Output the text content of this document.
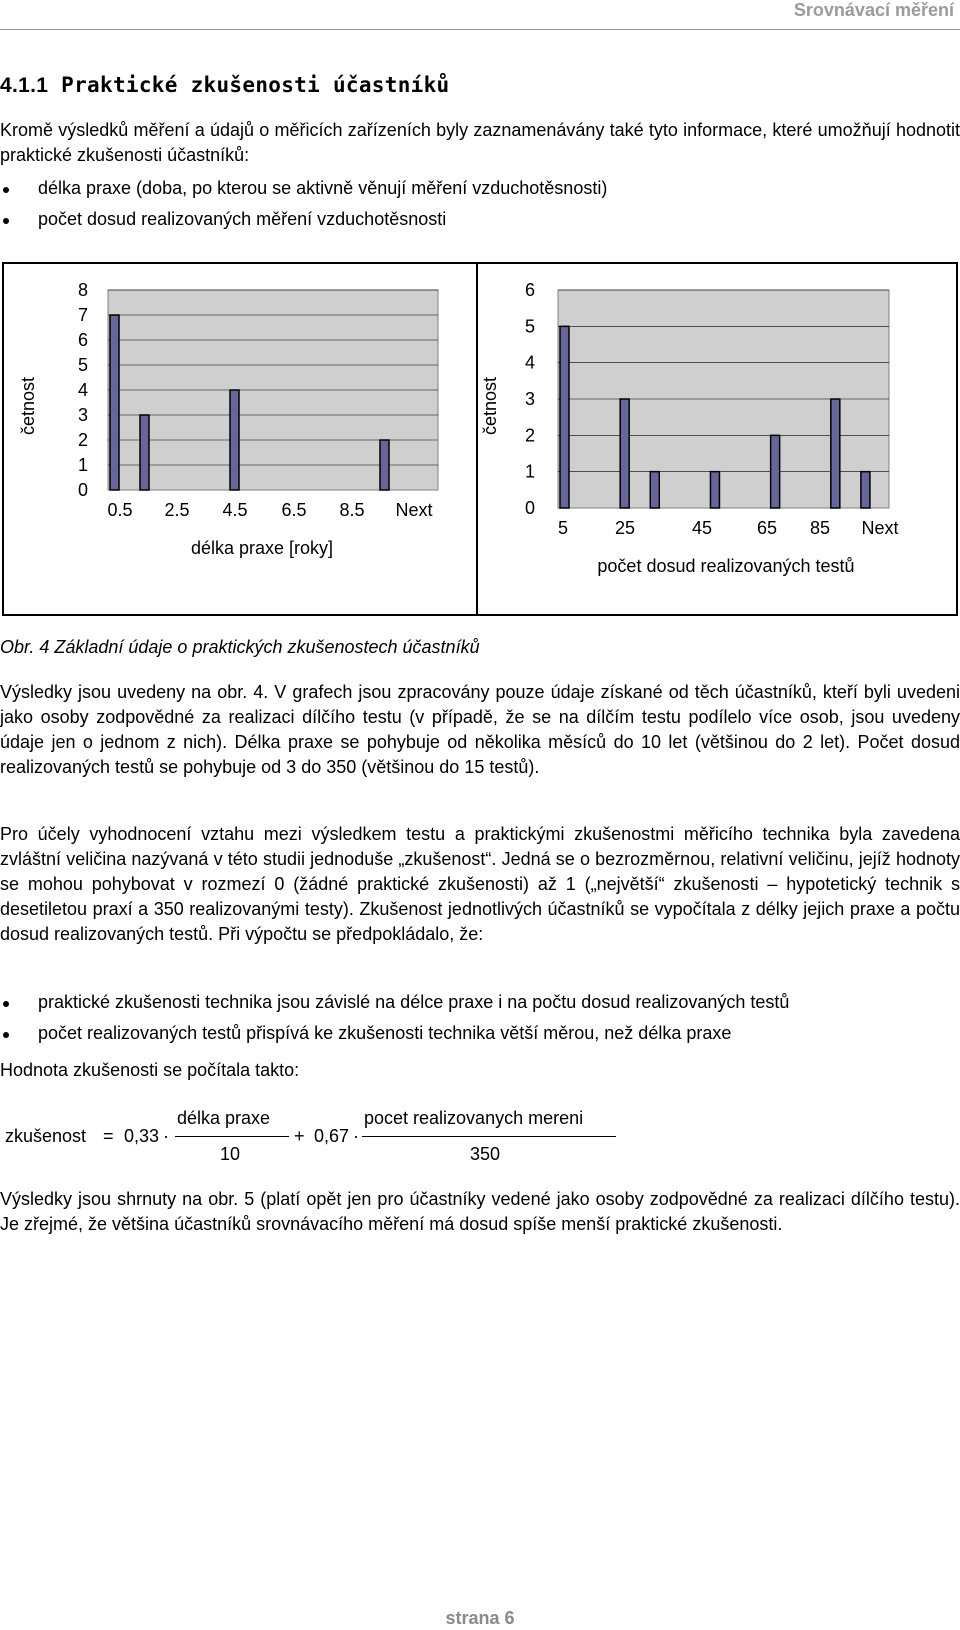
Srovnávací měření
4.1.1 Praktické zkušenosti účastníků

Kromě výsledků měření a údajů o měřicích zařízeních byly zaznamenávány také tyto informace, které umožňují hodnotit praktické zkušenosti účastníků:

délka praxe (doba, po kterou se aktivně věnují měření vzduchotěsnosti)
počet dosud realizovaných měření vzduchotěsnosti
8
7
6
5
4
3
2
1
0
0.5 2.5 4.5 6.5 8.5 Next
délka praxe [roky]
četnost
6
5
4
3
2
1
0
5	25	45 65 85 Next
počet dosud realizovaných testů
četnost

Obr. 4 Základní údaje o praktických zkušenostech účastníků

Výsledky jsou uvedeny na obr. 4. V grafech jsou zpracovány pouze údaje získané od těch účastníků, kteří byli uvedeni jako osoby zodpovědné za realizaci dílčího testu (v případě, že se na dílčím testu podílelo více osob, jsou uvedeny údaje jen o jednom z nich). Délka praxe se pohybuje od několika měsíců do 10 let (většinou do 2 let). Počet dosud realizovaných testů se pohybuje od 3 do 350 (většinou do 15 testů).

Pro účely vyhodnocení vztahu mezi výsledkem testu a praktickými zkušenostmi měřicího technika byla zavedena zvláštní veličina nazývaná v této studii jednoduše „zkušenost“. Jedná se o bezrozměrnou, relativní veličinu, jejíž hodnoty se mohou pohybovat v rozmezí 0 (žádné praktické zkušenosti) až 1 („největší“ zkušenosti – hypotetický technik s desetiletou praxí a 350 realizovanými testy). Zkušenost jednotlivých účastníků se vypočítala z délky jejich praxe a počtu dosud realizovaných testů. Při výpočtu se předpokládalo, že:

praktické zkušenosti technika jsou závislé na délce praxe i na počtu dosud realizovaných testů
počet realizovaných testů přispívá ke zkušenosti technika větší měrou, než délka praxe

Hodnota zkušenosti se počítala takto:

zkušenost = 0,33 ·
délka praxe
10
+ 0,67 ·
pocet realizovanych mereni
350

Výsledky jsou shrnuty na obr. 5 (platí opět jen pro účastníky vedené jako osoby zodpovědné za realizaci dílčího testu). Je zřejmé, že většina účastníků srovnávacího měření má dosud spíše menší praktické zkušenosti.

strana 6
